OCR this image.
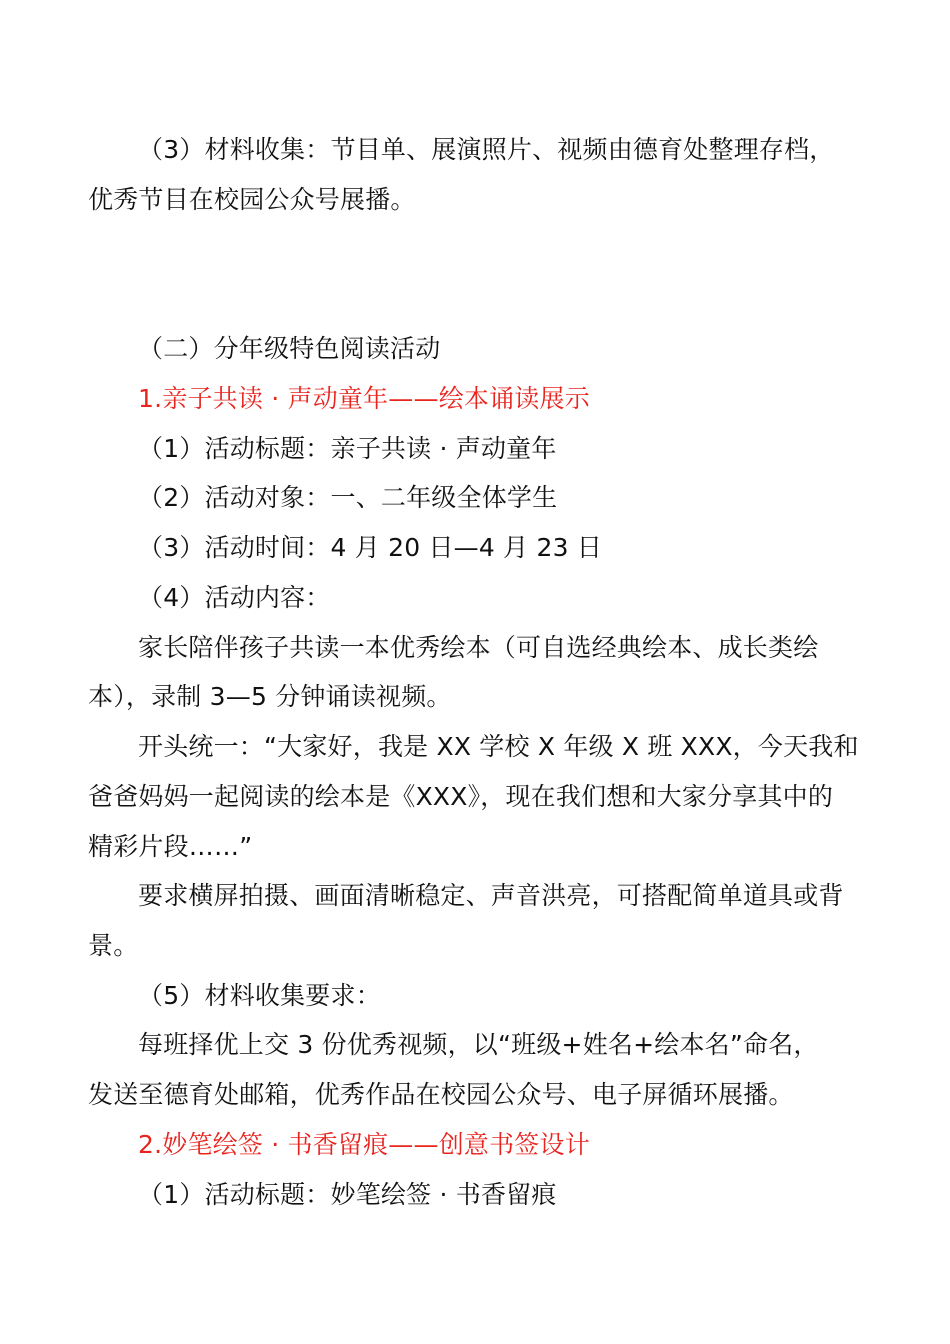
（3）材料收集：节目单、展演照片、视频由德育处整理存档，
优秀节目在校园公众号展播。
（二）分年级特色阅读活动
1.亲子共读 · 声动童年——绘本诵读展示
（1）活动标题：亲子共读 · 声动童年
（2）活动对象：一、二年级全体学生
（3）活动时间：4 月 20 日—4 月 23 日
（4）活动内容：
家长陪伴孩子共读一本优秀绘本（可自选经典绘本、成长类绘
本），录制 3—5 分钟诵读视频。
开头统一：“大家好，我是 XX 学校 X 年级 X 班 XXX，今天我和
爸爸妈妈一起阅读的绘本是《XXX》，现在我们想和大家分享其中的
精彩片段……”
要求横屏拍摄、画面清晰稳定、声音洪亮，可搭配简单道具或背
景。
（5）材料收集要求：
每班择优上交 3 份优秀视频，以“班级+姓名+绘本名”命名，
发送至德育处邮箱，优秀作品在校园公众号、电子屏循环展播。
2.妙笔绘签 · 书香留痕——创意书签设计
（1）活动标题：妙笔绘签 · 书香留痕
